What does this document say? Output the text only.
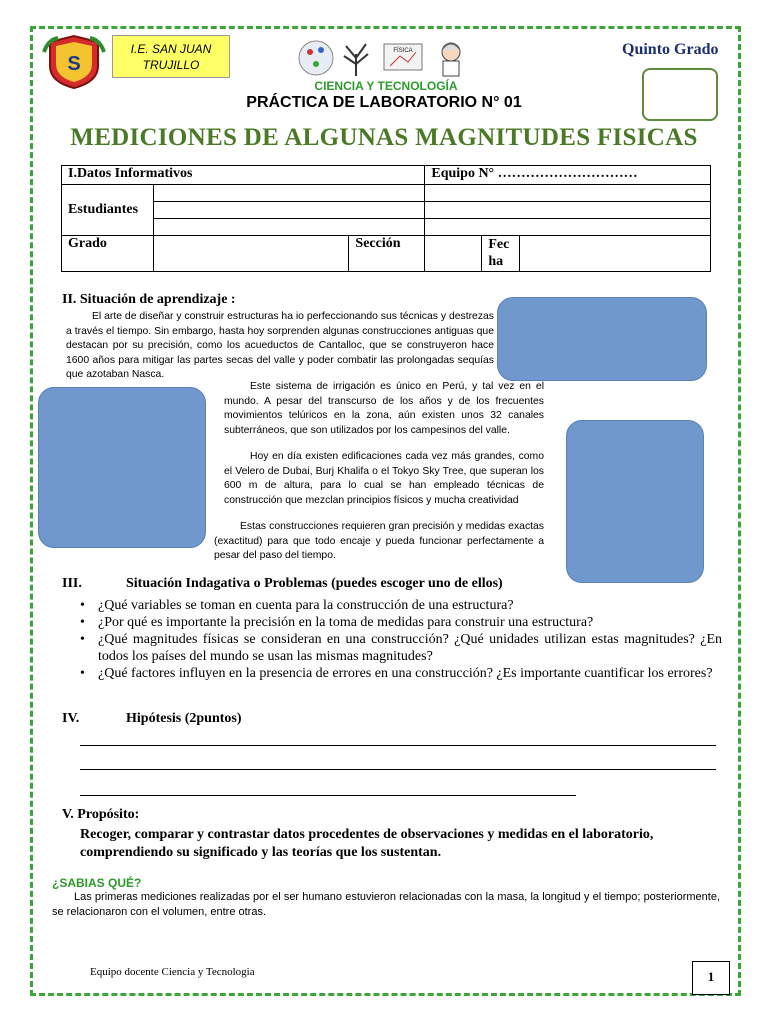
S
I.E. SAN JUAN
TRUJILLO
FÍSICA
CIENCIA Y TECNOLOGÍA
Quinto Grado
PRÁCTICA DE LABORATORIO N° 01
MEDICIONES DE ALGUNAS MAGNITUDES FISICAS
I.Datos Informativos			Equipo N° …………………………	
Estudiantes				

Grado		Sección	Fec
ha	

II. Situación de aprendizaje :
El arte de diseñar y construir estructuras ha io perfeccionando sus técnicas y destrezas a través el tiempo. Sin embargo, hasta hoy sorprenden algunas construcciones antiguas que destacan por su precisión, como los acueductos de Cantalloc, que se construyeron hace 1600 años para mitigar las partes secas del valle y poder combatir las prolongadas sequías que azotaban Nasca.
Este sistema de irrigación es único en Perú, y tal vez en el mundo. A pesar del transcurso de los años y de los frecuentes movimientos telúricos en la zona, aún existen unos 32 canales subterráneos, que son utilizados por los campesinos del valle.
Hoy en día existen edificaciones cada vez más grandes, como el Velero de Dubai, Burj Khalifa o el Tokyo Sky Tree, que superan los 600 m de altura, para lo cual se han empleado técnicas de construcción que mezclan principios físicos y mucha creatividad
Estas construcciones requieren gran precisión y medidas exactas (exactitud) para que todo encaje y pueda funcionar perfectamente a pesar del paso del tiempo.
III.	Situación Indagativa o Problemas (puedes escoger uno de ellos)
• ¿Qué variables se toman en cuenta para la construcción de una estructura?
• ¿Por qué es importante la precisión en la toma de medidas para construir una estructura?
• ¿Qué magnitudes físicas se consideran en una construcción? ¿Qué unidades utilizan estas magnitudes? ¿En todos los países del mundo se usan las mismas magnitudes?
• ¿Qué factores influyen en la presencia de errores en una construcción? ¿Es importante cuantificar los errores?
IV.	Hipótesis (2puntos)
V. Propósito:
Recoger, comparar y contrastar datos procedentes de observaciones y medidas en el laboratorio, comprendiendo su significado y las teorías que los sustentan.
¿SABIAS QUÉ?
Las primeras mediciones realizadas por el ser humano estuvieron relacionadas con la masa, la longitud y el tiempo; posteriormente, se relacionaron con el volumen, entre otras.
Equipo docente Ciencia y Tecnologia	1
